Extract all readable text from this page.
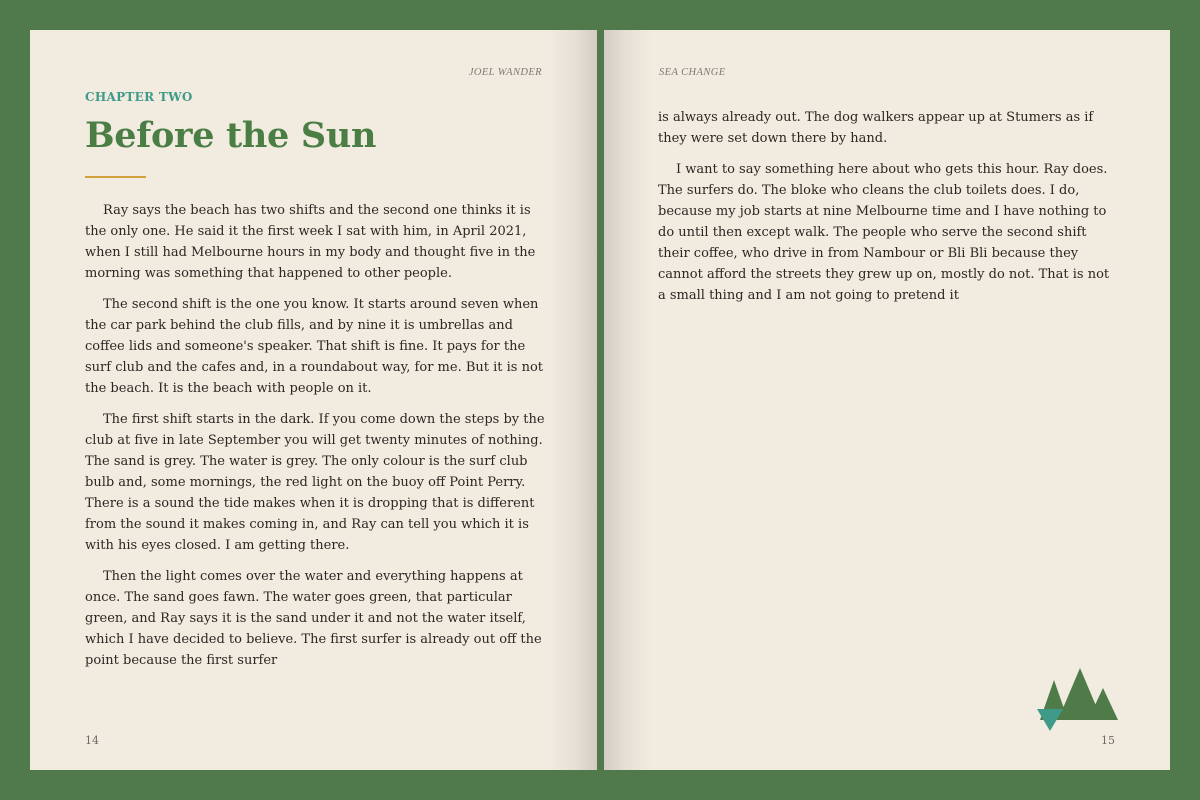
JOEL WANDER
CHAPTER TWO
Before the Sun

Ray says the beach has two shifts and the second one thinks it is the only one. He said it the first week I sat with him, in April 2021, when I still had Melbourne hours in my body and thought five in the morning was something that happened to other people.

The second shift is the one you know. It starts around seven when the car park behind the club fills, and by nine it is umbrellas and coffee lids and someone's speaker. That shift is fine. It pays for the surf club and the cafes and, in a roundabout way, for me. But it is not the beach. It is the beach with people on it.

The first shift starts in the dark. If you come down the steps by the club at five in late September you will get twenty minutes of nothing. The sand is grey. The water is grey. The only colour is the surf club bulb and, some mornings, the red light on the buoy off Point Perry. There is a sound the tide makes when it is dropping that is different from the sound it makes coming in, and Ray can tell you which it is with his eyes closed. I am getting there.

Then the light comes over the water and everything happens at once. The sand goes fawn. The water goes green, that particular green, and Ray says it is the sand under it and not the water itself, which I have decided to believe. The first surfer is already out off the point because the first surfer

14
SEA CHANGE

is always already out. The dog walkers appear up at Stumers as if they were set down there by hand.

I want to say something here about who gets this hour. Ray does. The surfers do. The bloke who cleans the club toilets does. I do, because my job starts at nine Melbourne time and I have nothing to do until then except walk. The people who serve the second shift their coffee, who drive in from Nambour or Bli Bli because they cannot afford the streets they grew up on, mostly do not. That is not a small thing and I am not going to pretend it

15
